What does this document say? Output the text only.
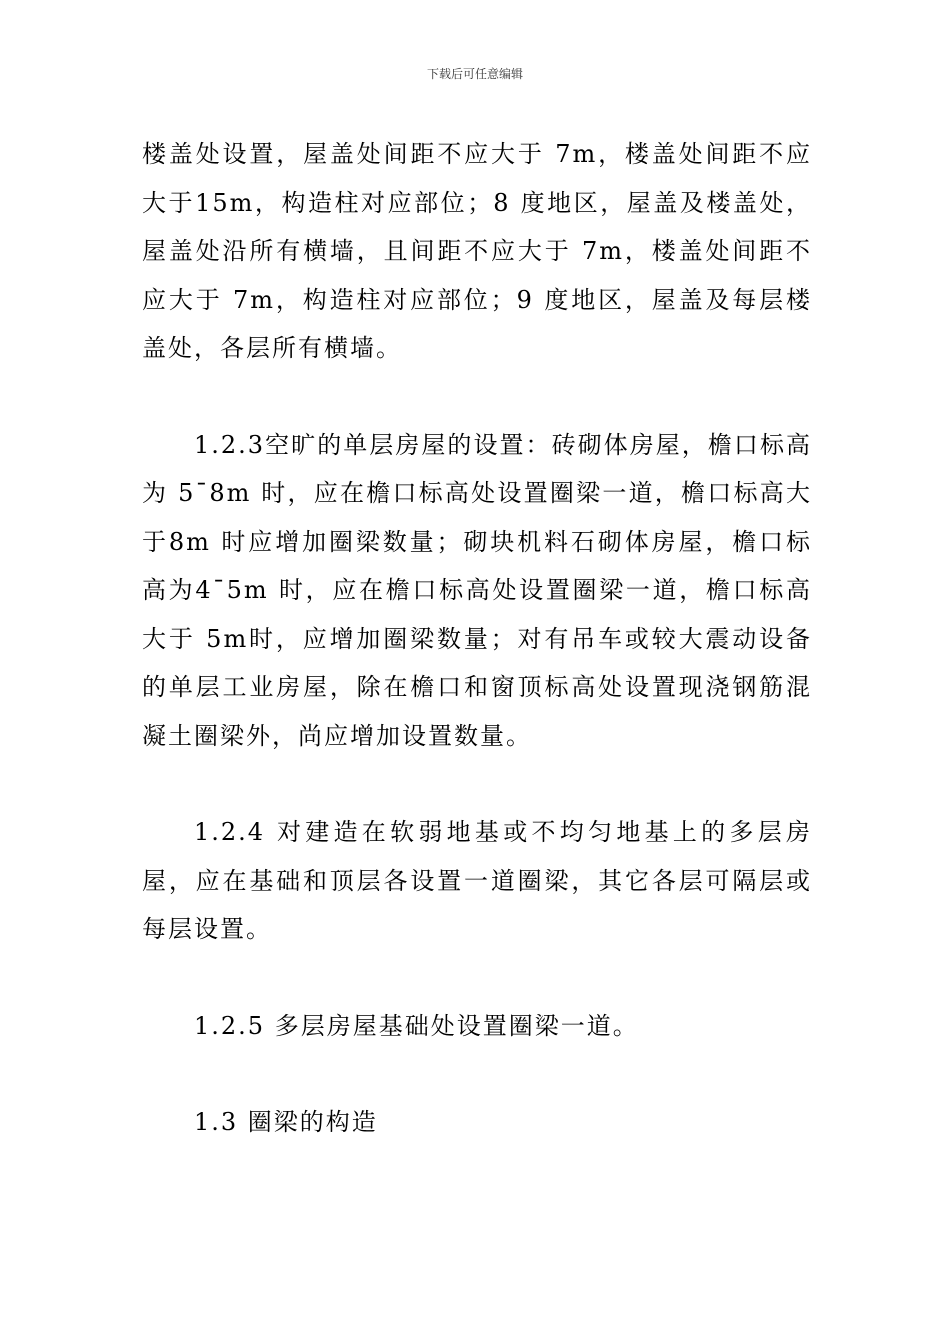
下载后可任意编辑

楼盖处设置，屋盖处间距不应大于 7m，楼盖处间距不应大于15m，构造柱对应部位；8 度地区，屋盖及楼盖处，屋盖处沿所有横墙，且间距不应大于 7m，楼盖处间距不应大于 7m，构造柱对应部位；9 度地区，屋盖及每层楼盖处，各层所有横墙。

1.2.3空旷的单层房屋的设置：砖砌体房屋，檐口标高为 5¯8m 时，应在檐口标高处设置圈梁一道，檐口标高大于8m 时应增加圈梁数量；砌块机料石砌体房屋，檐口标高为4¯5m 时，应在檐口标高处设置圈梁一道，檐口标高大于 5m时，应增加圈梁数量；对有吊车或较大震动设备的单层工业房屋，除在檐口和窗顶标高处设置现浇钢筋混凝土圈梁外，尚应增加设置数量。

1.2.4 对建造在软弱地基或不均匀地基上的多层房屋，应在基础和顶层各设置一道圈梁，其它各层可隔层或每层设置。

1.2.5 多层房屋基础处设置圈梁一道。

1.3 圈梁的构造
